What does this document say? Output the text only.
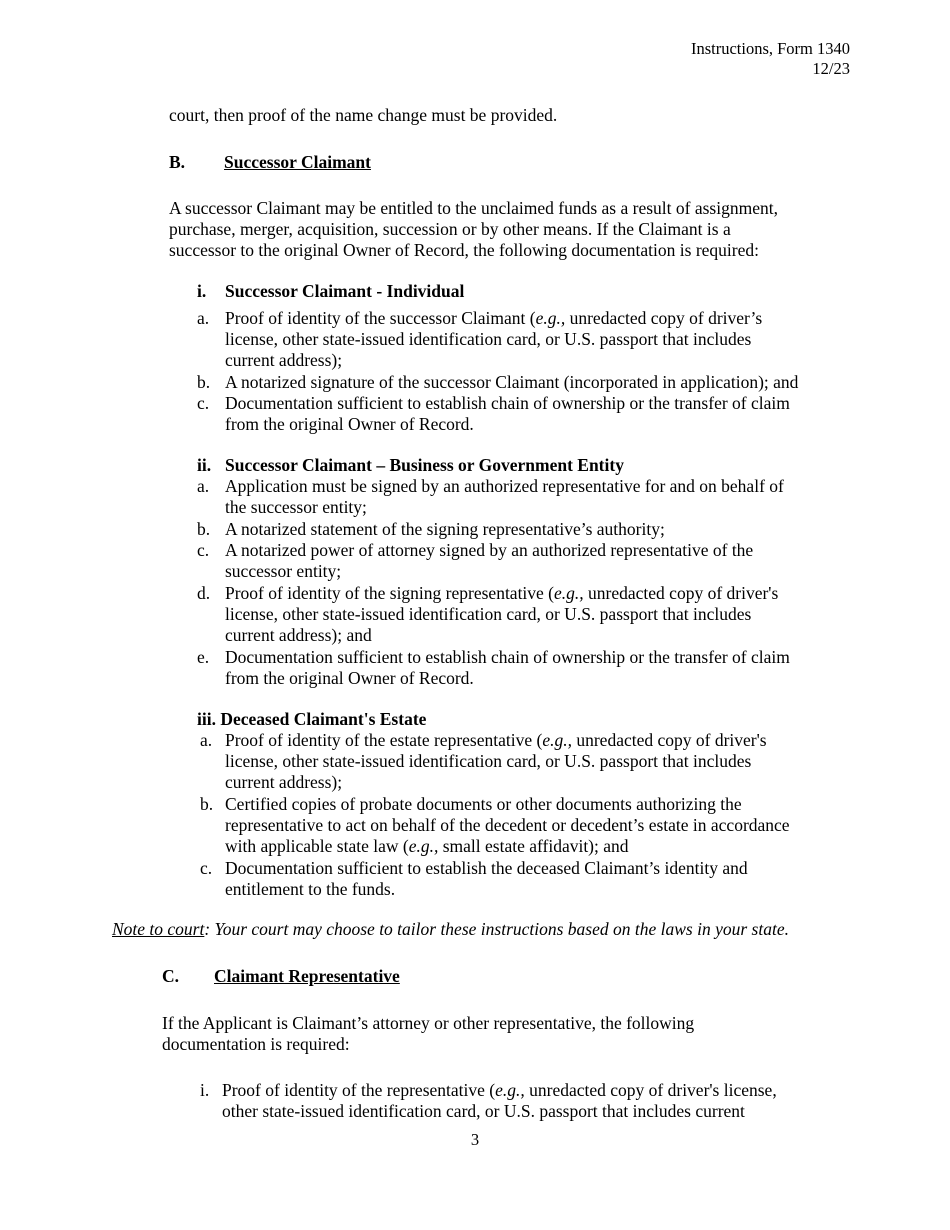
Instructions, Form 1340
12/23
court, then proof of the name change must be provided.
B. Successor Claimant
A successor Claimant may be entitled to the unclaimed funds as a result of assignment,
purchase, merger, acquisition, succession or by other means. If the Claimant is a
successor to the original Owner of Record, the following documentation is required:
i. Successor Claimant - Individual
a. Proof of identity of the successor Claimant (e.g., unredacted copy of driver’s
license, other state-issued identification card, or U.S. passport that includes
current address);
b. A notarized signature of the successor Claimant (incorporated in application); and
c. Documentation sufficient to establish chain of ownership or the transfer of claim
from the original Owner of Record.
ii. Successor Claimant – Business or Government Entity
a. Application must be signed by an authorized representative for and on behalf of
the successor entity;
b. A notarized statement of the signing representative’s authority;
c. A notarized power of attorney signed by an authorized representative of the
successor entity;
d. Proof of identity of the signing representative (e.g., unredacted copy of driver's
license, other state-issued identification card, or U.S. passport that includes
current address); and
e. Documentation sufficient to establish chain of ownership or the transfer of claim
from the original Owner of Record.
iii. Deceased Claimant's Estate
a. Proof of identity of the estate representative (e.g., unredacted copy of driver's
license, other state-issued identification card, or U.S. passport that includes
current address);
b. Certified copies of probate documents or other documents authorizing the
representative to act on behalf of the decedent or decedent’s estate in accordance
with applicable state law (e.g., small estate affidavit); and
c. Documentation sufficient to establish the deceased Claimant’s identity and
entitlement to the funds.
Note to court: Your court may choose to tailor these instructions based on the laws in your state.
C. Claimant Representative
If the Applicant is Claimant’s attorney or other representative, the following
documentation is required:
i. Proof of identity of the representative (e.g., unredacted copy of driver's license,
other state-issued identification card, or U.S. passport that includes current
3
